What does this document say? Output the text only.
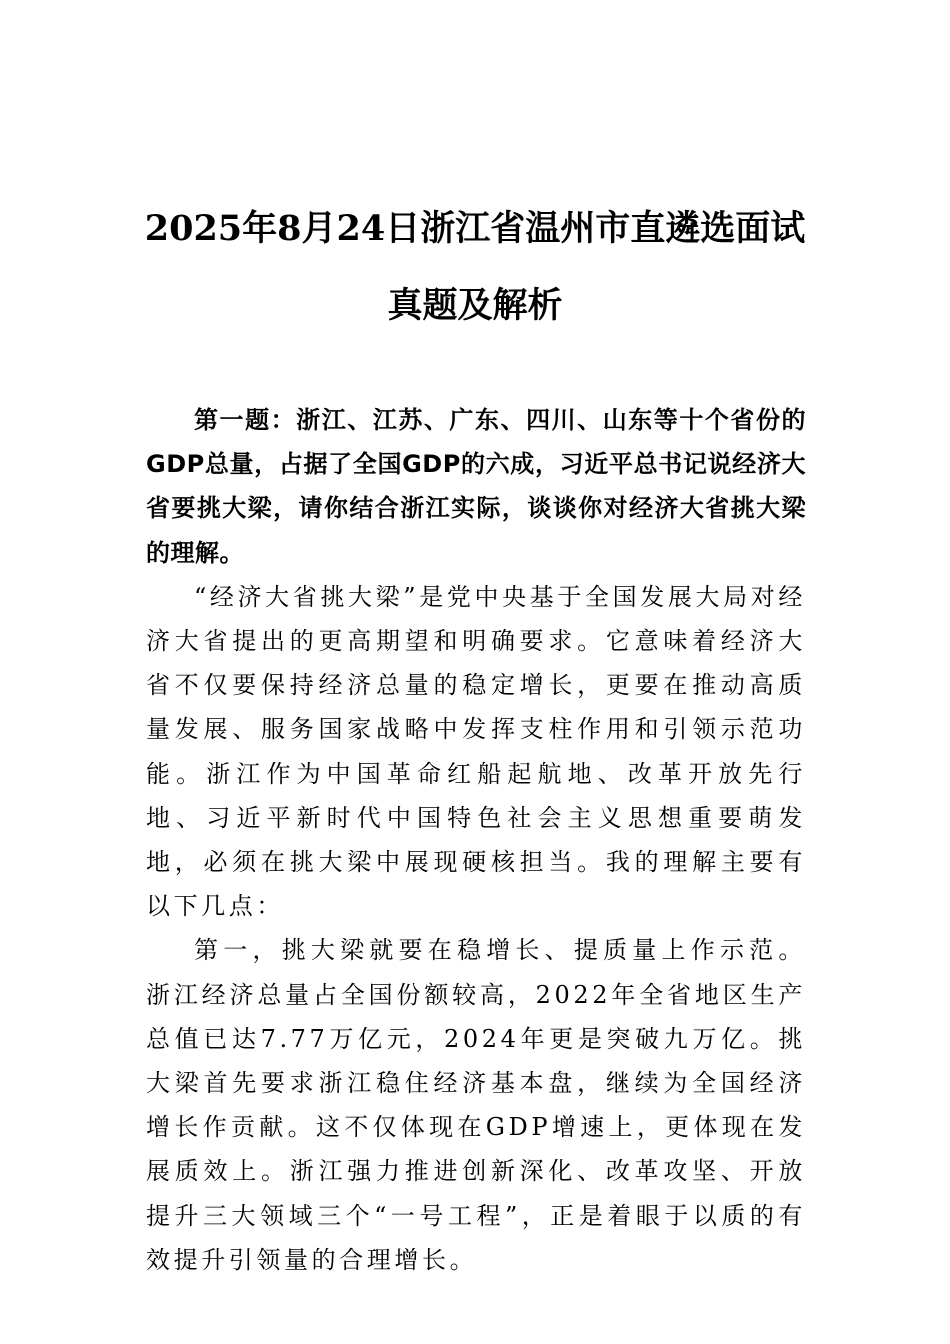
2025年8月24日浙江省温州市直遴选面试
真题及解析

第一题：浙江、江苏、广东、四川、山东等十个省份的GDP总量，占据了全国GDP的六成，习近平总书记说经济大省要挑大梁，请你结合浙江实际，谈谈你对经济大省挑大梁的理解。

“经济大省挑大梁”是党中央基于全国发展大局对经济大省提出的更高期望和明确要求。它意味着经济大省不仅要保持经济总量的稳定增长，更要在推动高质量发展、服务国家战略中发挥支柱作用和引领示范功能。浙江作为中国革命红船起航地、改革开放先行地、习近平新时代中国特色社会主义思想重要萌发地，必须在挑大梁中展现硬核担当。我的理解主要有以下几点：

第一，挑大梁就要在稳增长、提质量上作示范。 浙江经济总量占全国份额较高，2022年全省地区生产总值已达7.77万亿元，2024年更是突破九万亿。挑大梁首先要求浙江稳住经济基本盘，继续为全国经济增长作贡献。这不仅体现在GDP增速上，更体现在发展质效上。浙江强力推进创新深化、改革攻坚、开放提升三大领域三个“一号工程”，正是着眼于以质的有效提升引领量的合理增长。
